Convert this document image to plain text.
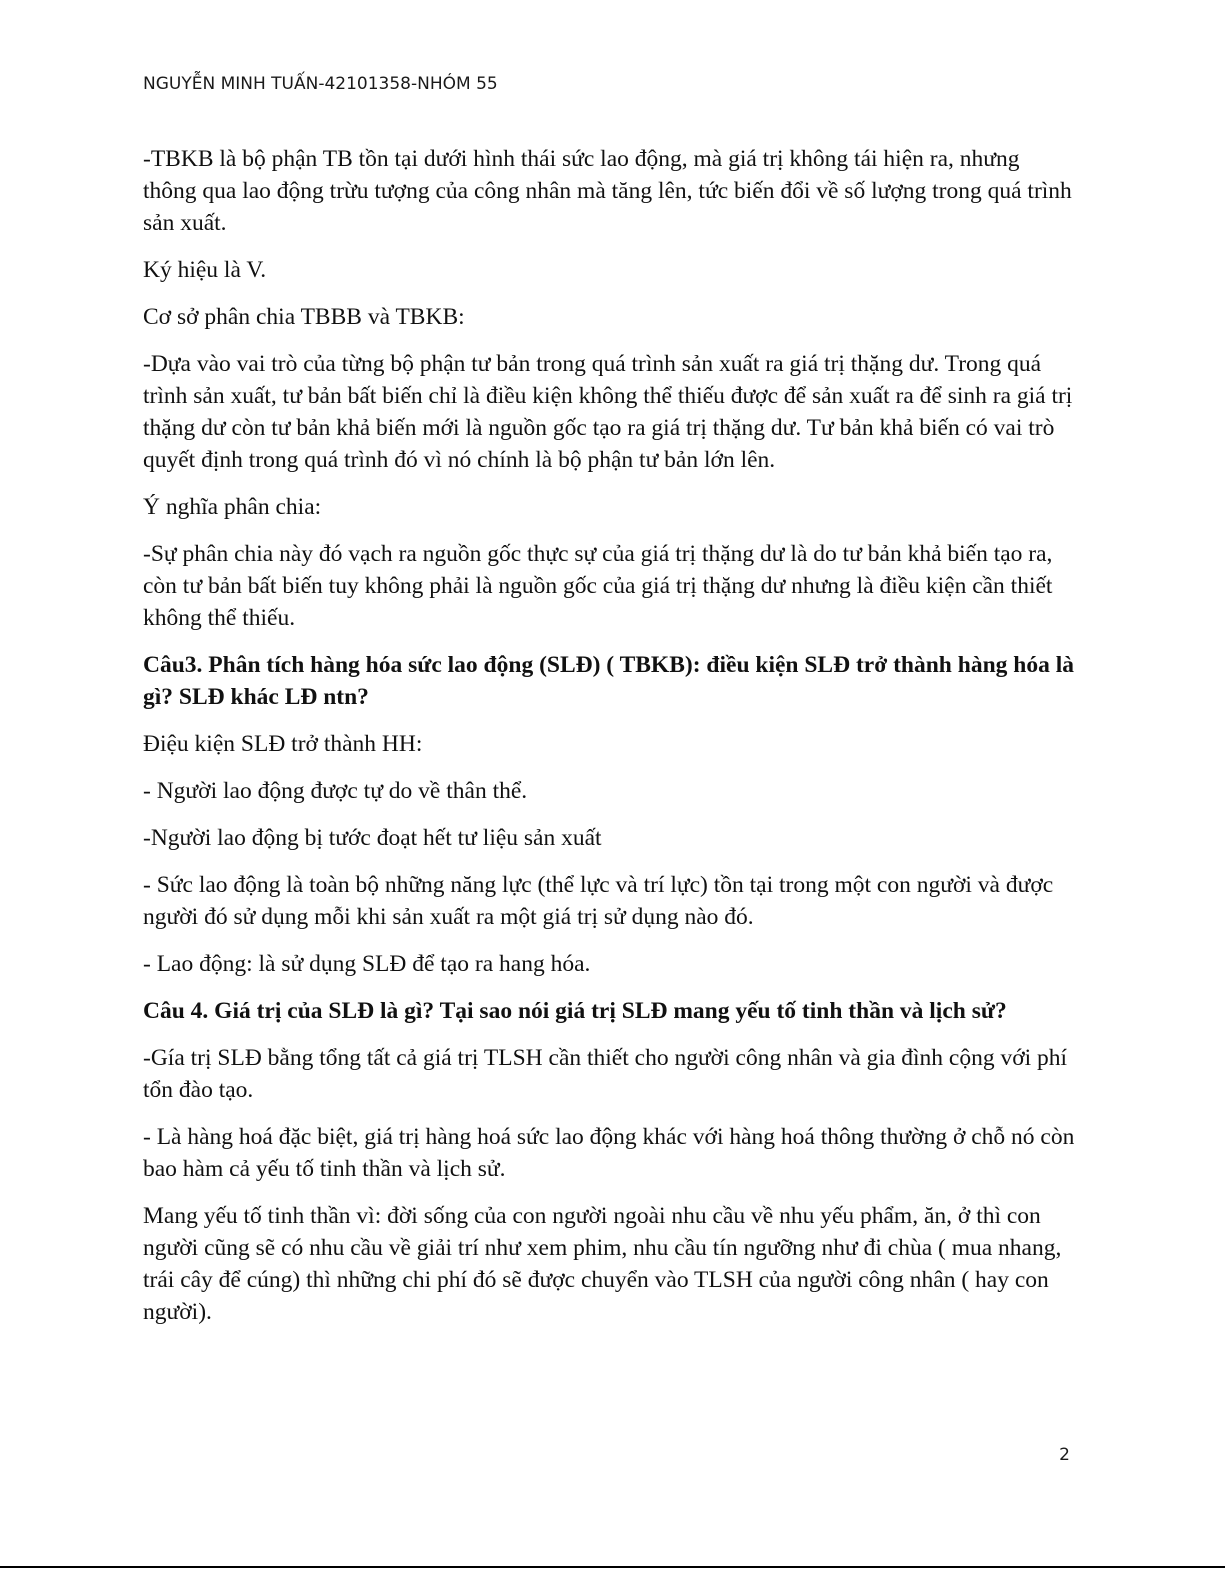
NGUYỄN MINH TUẤN-42101358-NHÓM 55

-TBKB là bộ phận TB tồn tại dưới hình thái sức lao động, mà giá trị không tái hiện ra, nhưng thông qua lao động trừu tượng của công nhân mà tăng lên, tức biến đổi về số lượng trong quá trình sản xuất.

Ký hiệu là V.

Cơ sở phân chia TBBB và TBKB:

-Dựa vào vai trò của từng bộ phận tư bản trong quá trình sản xuất ra giá trị thặng dư. Trong quá trình sản xuất, tư bản bất biến chỉ là điều kiện không thể thiếu được để sản xuất ra để sinh ra giá trị thặng dư còn tư bản khả biến mới là nguồn gốc tạo ra giá trị thặng dư. Tư bản khả biến có vai trò quyết định trong quá trình đó vì nó chính là bộ phận tư bản lớn lên.

Ý nghĩa phân chia:

-Sự phân chia này đó vạch ra nguồn gốc thực sự của giá trị thặng dư là do tư bản khả biến tạo ra, còn tư bản bất biến tuy không phải là nguồn gốc của giá trị thặng dư nhưng là điều kiện cần thiết không thể thiếu.

Câu3. Phân tích hàng hóa sức lao động (SLĐ) ( TBKB): điều kiện SLĐ trở thành hàng hóa là gì? SLĐ khác LĐ ntn?

Điệu kiện SLĐ trở thành HH:

- Người lao động được tự do về thân thể.

-Người lao động bị tước đoạt hết tư liệu sản xuất

- Sức lao động là toàn bộ những năng lực (thể lực và trí lực) tồn tại trong một con người và được người đó sử dụng mỗi khi sản xuất ra một giá trị sử dụng nào đó.

- Lao động: là sử dụng SLĐ để tạo ra hang hóa.

Câu 4. Giá trị của SLĐ là gì? Tại sao nói giá trị SLĐ mang yếu tố tinh thần và lịch sử?

-Gía trị SLĐ bằng tổng tất cả giá trị TLSH cần thiết cho người công nhân và gia đình cộng với phí tổn đào tạo.

- Là hàng hoá đặc biệt, giá trị hàng hoá sức lao động khác với hàng hoá thông thường ở chỗ nó còn bao hàm cả yếu tố tinh thần và lịch sử.

Mang yếu tố tinh thần vì: đời sống của con người ngoài nhu cầu về nhu yếu phẩm, ăn, ở thì con người cũng sẽ có nhu cầu về giải trí như xem phim, nhu cầu tín ngưỡng như đi chùa ( mua nhang, trái cây để cúng) thì những chi phí đó sẽ được chuyển vào TLSH của người công nhân ( hay con người).

2
